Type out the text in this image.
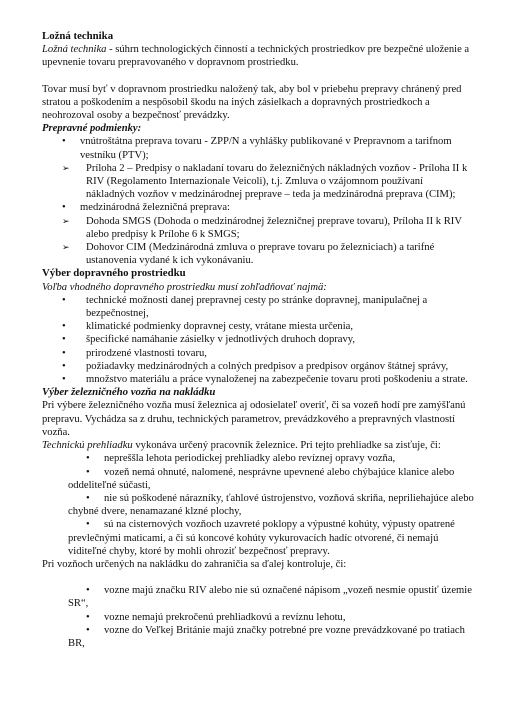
Ložná technika

Ložná technika - súhrn technologických činností a technických prostriedkov pre bezpečné uloženie a upevnenie tovaru prepravovaného v dopravnom prostriedku.

Tovar musí byť v dopravnom prostriedku naložený tak, aby bol v priebehu prepravy chránený pred stratou a poškodením a nespôsobil škodu na iných zásielkach a dopravných prostriedkoch a neohrozoval osoby a bezpečnosť prevádzky.

Prepravné podmienky:

• vnútroštátna preprava tovaru - ZPP/N a vyhlášky publikované v Prepravnom a tarifnom vestníku (PTV);
➢ Príloha 2 – Predpisy o nakladaní tovaru do železničných nákladných vozňov - Príloha II k RIV (Regolamento Internazionale Veicoli), t.j. Zmluva o vzájomnom používaní nákladných vozňov v medzinárodnej preprave – teda ja medzinárodná preprava (CIM);
• medzinárodná železničná preprava:
➢ Dohoda SMGS (Dohoda o medzinárodnej železničnej preprave tovaru), Príloha II k RIV alebo predpisy k Prílohe 6 k SMGS;
➢ Dohovor CIM (Medzinárodná zmluva o preprave tovaru po železniciach) a tarifné ustanovenia vydané k ich vykonávaniu.
Výber dopravného prostriedku

Voľba vhodného dopravného prostriedku musí zohľadňovať najmä:

• technické možnosti danej prepravnej cesty po stránke dopravnej, manipulačnej a bezpečnostnej,
• klimatické podmienky dopravnej cesty, vrátane miesta určenia,
• špecifické namáhanie zásielky v jednotlivých druhoch dopravy,
• prirodzené vlastnosti tovaru,
• požiadavky medzinárodných a colných predpisov a predpisov orgánov štátnej správy,
• množstvo materiálu a práce vynaloženej na zabezpečenie tovaru proti poškodeniu a strate.
Výber železničného vozňa na nakládku

Pri výbere železničného vozňa musí železnica aj odosielateľ overiť, či sa vozeň hodí pre zamýšľanú prepravu. Vychádza sa z druhu, technických parametrov, prevádzkového a prepravných vlastností vozňa.

Technickú prehliadku vykonáva určený pracovník železnice. Pri tejto prehliadke sa zisťuje, či:

• nepreššla lehota periodickej prehliadky alebo revíznej opravy vozňa,
• vozeň nemá ohnuté, nalomené, nesprávne upevnené alebo chýbajúce klanice alebo oddeliteľné súčasti,
• nie sú poškodené nárazníky, ťahlové ústrojenstvo, vozňová skriňa, nepriliehajúce alebo chybné dvere, nenamazané klzné plochy,
• sú na cisternových vozňoch uzavreté poklopy a výpustné kohúty, výpusty opatrené prevlečnými maticami, a či sú koncové kohúty vykurovacích hadíc otvorené, či nemajú viditeľné chyby, ktoré by mohli ohroziť bezpečnosť prepravy.

Pri vozňoch určených na nakládku do zahraničia sa ďalej kontroluje, či:

• vozne majú značku RIV alebo nie sú označené nápisom „vozeň nesmie opustiť územie SR“,
• vozne nemajú prekročenú prehliadkovú a revíznu lehotu,
• vozne do Veľkej Británie majú značky potrebné pre vozne prevádzkované po tratiach BR,
